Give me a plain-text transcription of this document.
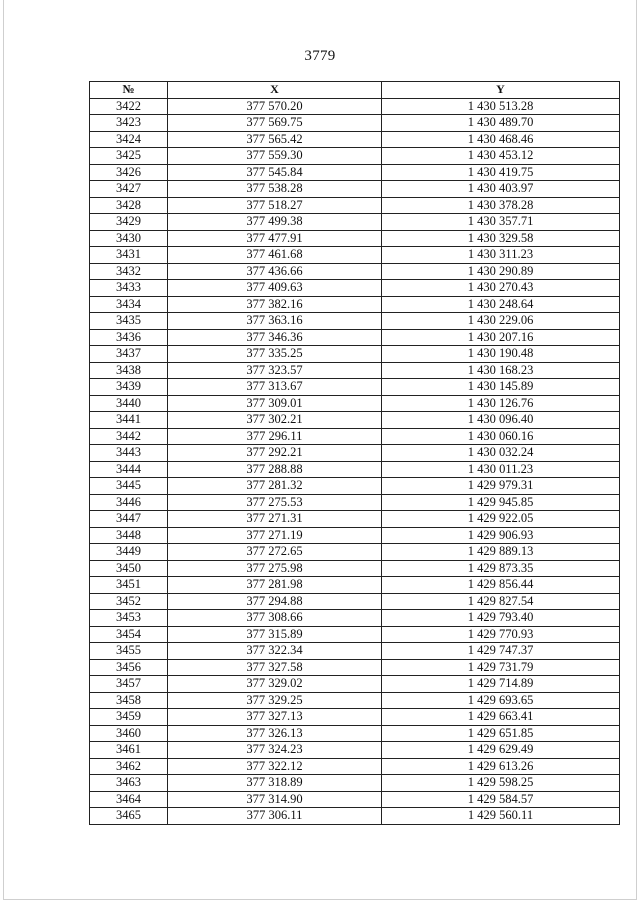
3779
№	X	Y
3422	377 570.20	1 430 513.28
3423	377 569.75	1 430 489.70
3424	377 565.42	1 430 468.46
3425	377 559.30	1 430 453.12
3426	377 545.84	1 430 419.75
3427	377 538.28	1 430 403.97
3428	377 518.27	1 430 378.28
3429	377 499.38	1 430 357.71
3430	377 477.91	1 430 329.58
3431	377 461.68	1 430 311.23
3432	377 436.66	1 430 290.89
3433	377 409.63	1 430 270.43
3434	377 382.16	1 430 248.64
3435	377 363.16	1 430 229.06
3436	377 346.36	1 430 207.16
3437	377 335.25	1 430 190.48
3438	377 323.57	1 430 168.23
3439	377 313.67	1 430 145.89
3440	377 309.01	1 430 126.76
3441	377 302.21	1 430 096.40
3442	377 296.11	1 430 060.16
3443	377 292.21	1 430 032.24
3444	377 288.88	1 430 011.23
3445	377 281.32	1 429 979.31
3446	377 275.53	1 429 945.85
3447	377 271.31	1 429 922.05
3448	377 271.19	1 429 906.93
3449	377 272.65	1 429 889.13
3450	377 275.98	1 429 873.35
3451	377 281.98	1 429 856.44
3452	377 294.88	1 429 827.54
3453	377 308.66	1 429 793.40
3454	377 315.89	1 429 770.93
3455	377 322.34	1 429 747.37
3456	377 327.58	1 429 731.79
3457	377 329.02	1 429 714.89
3458	377 329.25	1 429 693.65
3459	377 327.13	1 429 663.41
3460	377 326.13	1 429 651.85
3461	377 324.23	1 429 629.49
3462	377 322.12	1 429 613.26
3463	377 318.89	1 429 598.25
3464	377 314.90	1 429 584.57
3465	377 306.11	1 429 560.11
